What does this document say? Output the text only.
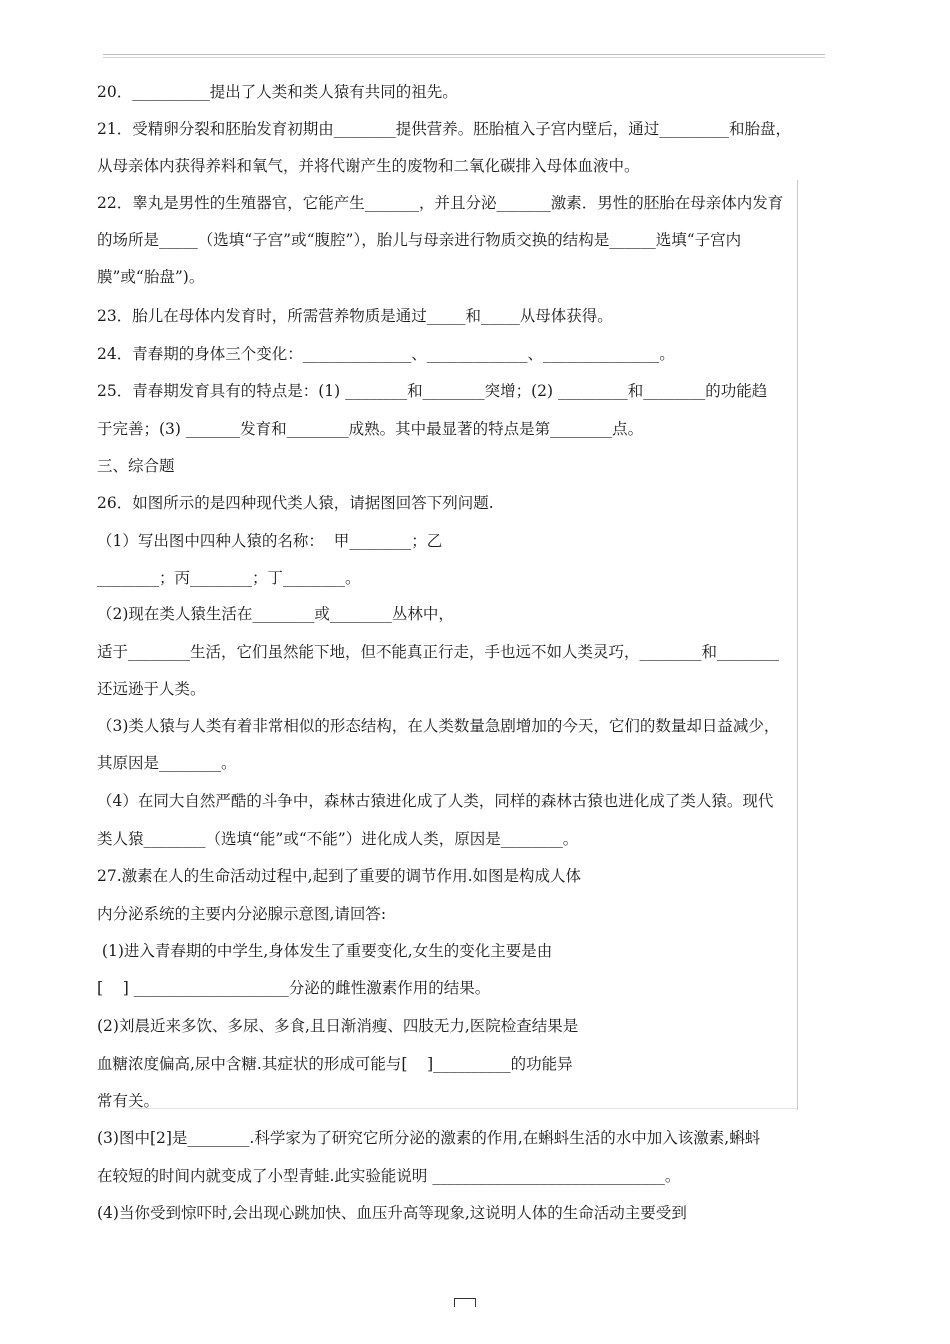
20．__________提出了人类和类人猿有共同的祖先。
21．受精卵分裂和胚胎发育初期由________提供营养。胚胎植入子宫内壁后，通过_________和胎盘，
从母亲体内获得养料和氧气，并将代谢产生的废物和二氧化碳排入母体血液中。
22．睾丸是男性的生殖器官，它能产生_______，并且分泌_______激素．男性的胚胎在母亲体内发育
的场所是_____（选填“子宫”或“腹腔”），胎儿与母亲进行物质交换的结构是______选填“子宫内
膜”或“胎盘”)。
23．胎儿在母体内发育时，所需营养物质是通过_____和_____从母体获得。
24．青春期的身体三个变化：______________、_____________、_______________。
25．青春期发育具有的特点是：(1) ________和________突增；(2) _________和________的功能趋
于完善；(3) _______发育和________成熟。其中最显著的特点是第________点。
三、综合题
26．如图所示的是四种现代类人猿，请据图回答下列问题.
（1）写出图中四种人猿的名称：  甲________；乙
________；丙________；丁________。
（2)现在类人猿生活在________或________丛林中，
适于________生活，它们虽然能下地，但不能真正行走，手也远不如人类灵巧，________和________
还远逊于人类。
（3)类人猿与人类有着非常相似的形态结构，在人类数量急剧增加的今天，它们的数量却日益减少，
其原因是________。
（4）在同大自然严酷的斗争中，森林古猿进化成了人类，同样的森林古猿也进化成了类人猿。现代
类人猿________（选填“能”或“不能”）进化成人类，原因是________。
27.激素在人的生命活动过程中,起到了重要的调节作用.如图是构成人体
内分泌系统的主要内分泌腺示意图,请回答:
(1)进入青春期的中学生,身体发生了重要变化,女生的变化主要是由
[    ] ____________________分泌的雌性激素作用的结果。
(2)刘晨近来多饮、多尿、多食,且日渐消瘦、四肢无力,医院检查结果是
血糖浓度偏高,尿中含糖.其症状的形成可能与[    ]__________的功能异
常有关。
(3)图中[2]是________.科学家为了研究它所分泌的激素的作用,在蝌蚪生活的水中加入该激素,蝌蚪
在较短的时间内就变成了小型青蛙.此实验能说明 ______________________________。
(4)当你受到惊吓时,会出现心跳加快、血压升高等现象,这说明人体的生命活动主要受到
